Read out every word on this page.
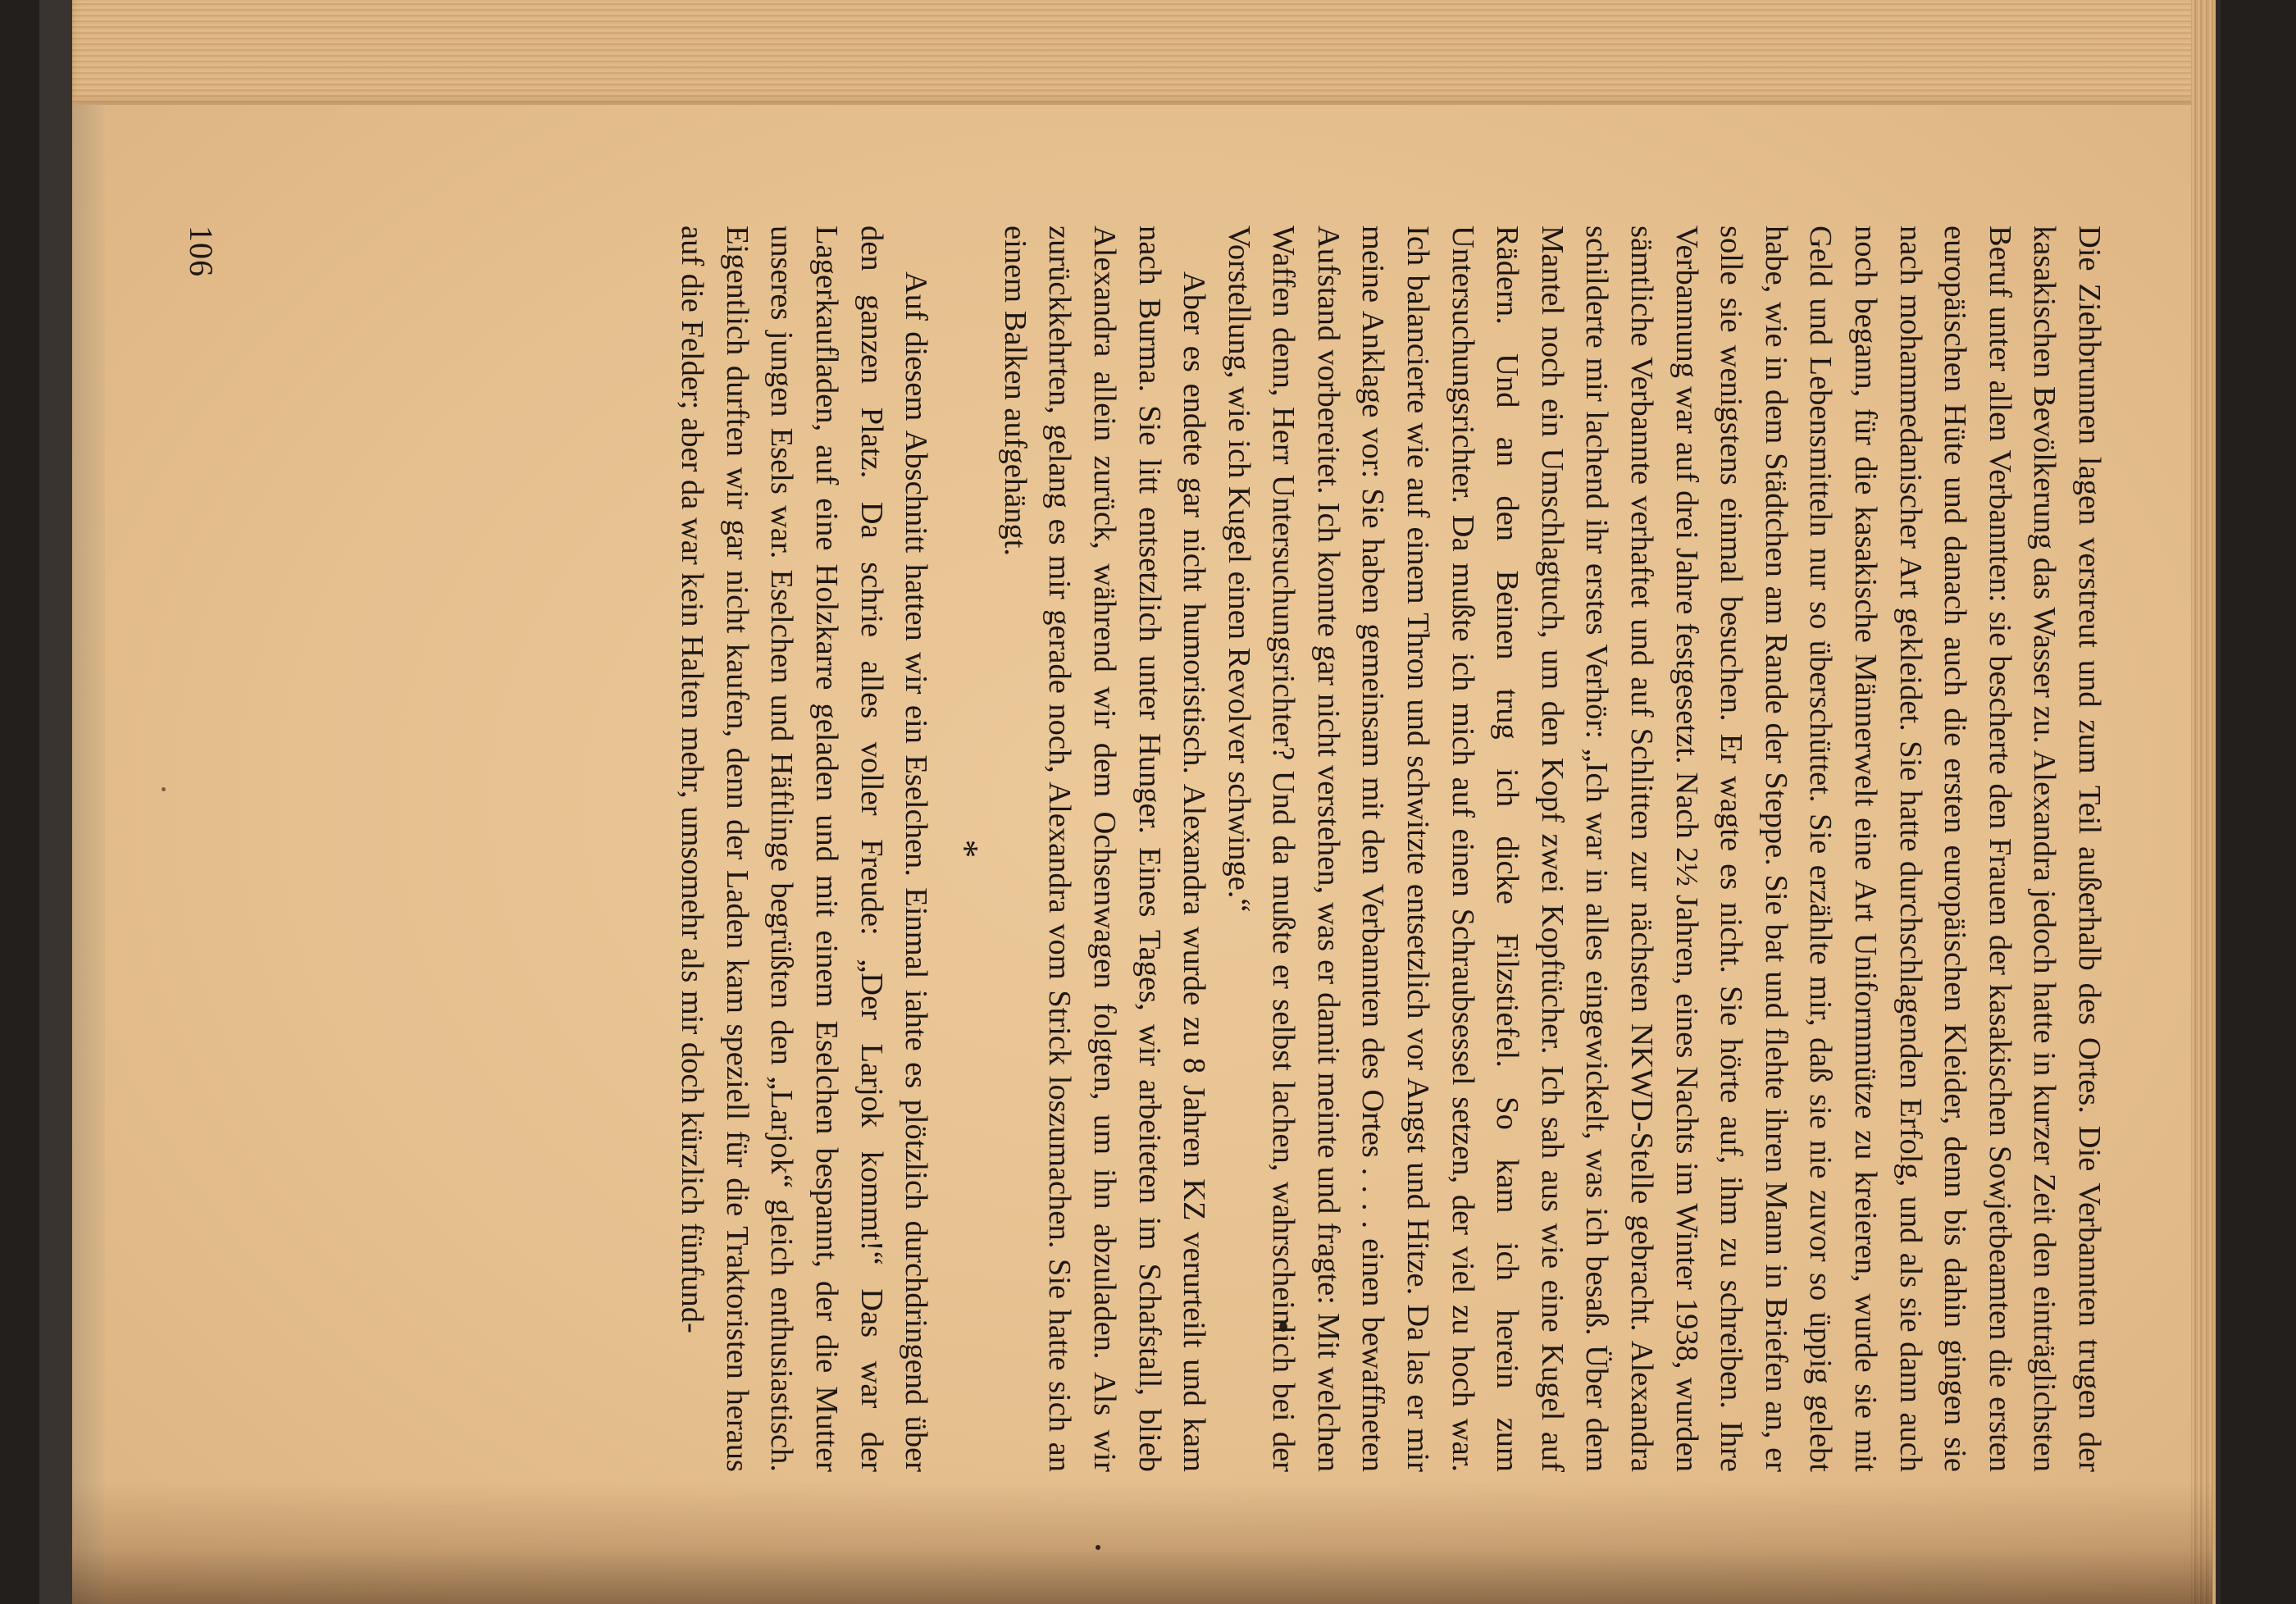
Die Ziehbrunnen lagen verstreut und zum Teil außerhalb des Ortes. Die Verbannten trugen der kasakischen Bevölkerung das Wasser zu. Alexandra jedoch hatte in kurzer Zeit den einträglichsten Beruf unter allen Verbannten: sie bescherte den Frauen der kasakischen Sowjetbeamten die ersten europäischen Hüte und danach auch die ersten europäischen Kleider, denn bis dahin gingen sie nach mohammedanischer Art gekleidet. Sie hatte durchschlagenden Erfolg, und als sie dann auch noch begann, für die kasakische Männerwelt eine Art Uniformmütze zu kreieren, wurde sie mit Geld und Lebensmitteln nur so überschüttet. Sie erzählte mir, daß sie nie zuvor so üppig gelebt habe, wie in dem Städtchen am Rande der Steppe. Sie bat und flehte ihren Mann in Briefen an, er solle sie wenigstens einmal besuchen. Er wagte es nicht. Sie hörte auf, ihm zu schreiben. Ihre Verbannung war auf drei Jahre festgesetzt. Nach 2½ Jahren, eines Nachts im Winter 1938, wurden sämtliche Verbannte verhaftet und auf Schlitten zur nächsten NKWD-Stelle gebracht. Alexandra schilderte mir lachend ihr erstes Verhör: „Ich war in alles eingewickelt, was ich besaß. Über dem Mantel noch ein Umschlagtuch, um den Kopf zwei Kopftücher. Ich sah aus wie eine Kugel auf Rädern. Und an den Beinen trug ich dicke Filzstiefel. So kam ich herein zum Untersuchungsrichter. Da mußte ich mich auf einen Schraubsessel setzen, der viel zu hoch war. Ich balancierte wie auf einem Thron und schwitzte entsetzlich vor Angst und Hitze. Da las er mir meine Anklage vor: Sie haben gemeinsam mit den Verbannten des Ortes . . . . einen bewaffneten Aufstand vorbereitet. Ich konnte gar nicht verstehen, was er damit meinte und fragte: Mit welchen Waffen denn, Herr Untersuchungsrichter? Und da mußte er selbst lachen, wahrscheinlich bei der Vorstellung, wie ich Kugel einen Revolver schwinge.“

Aber es endete gar nicht humoristisch. Alexandra wurde zu 8 Jahren KZ verurteilt und kam nach Burma. Sie litt entsetzlich unter Hunger. Eines Tages, wir arbeiteten im Schafstall, blieb Alexandra allein zurück, während wir dem Ochsenwagen folgten, um ihn abzuladen. Als wir zurückkehrten, gelang es mir gerade noch, Alexandra vom Strick loszumachen. Sie hatte sich an einem Balken aufgehängt.

*

Auf diesem Abschnitt hatten wir ein Eselchen. Einmal iahte es plötzlich durchdringend über den ganzen Platz. Da schrie alles voller Freude: „Der Larjok kommt!“ Das war der Lagerkaufladen, auf eine Holzkarre geladen und mit einem Eselchen bespannt, der die Mutter unseres jungen Esels war. Eselchen und Häftlinge begrüßten den „Larjok“ gleich enthusiastisch. Eigentlich durften wir gar nicht kaufen, denn der Laden kam speziell für die Traktoristen heraus auf die Felder; aber da war kein Halten mehr, umsomehr als mir doch kürzlich fünfund-

106
